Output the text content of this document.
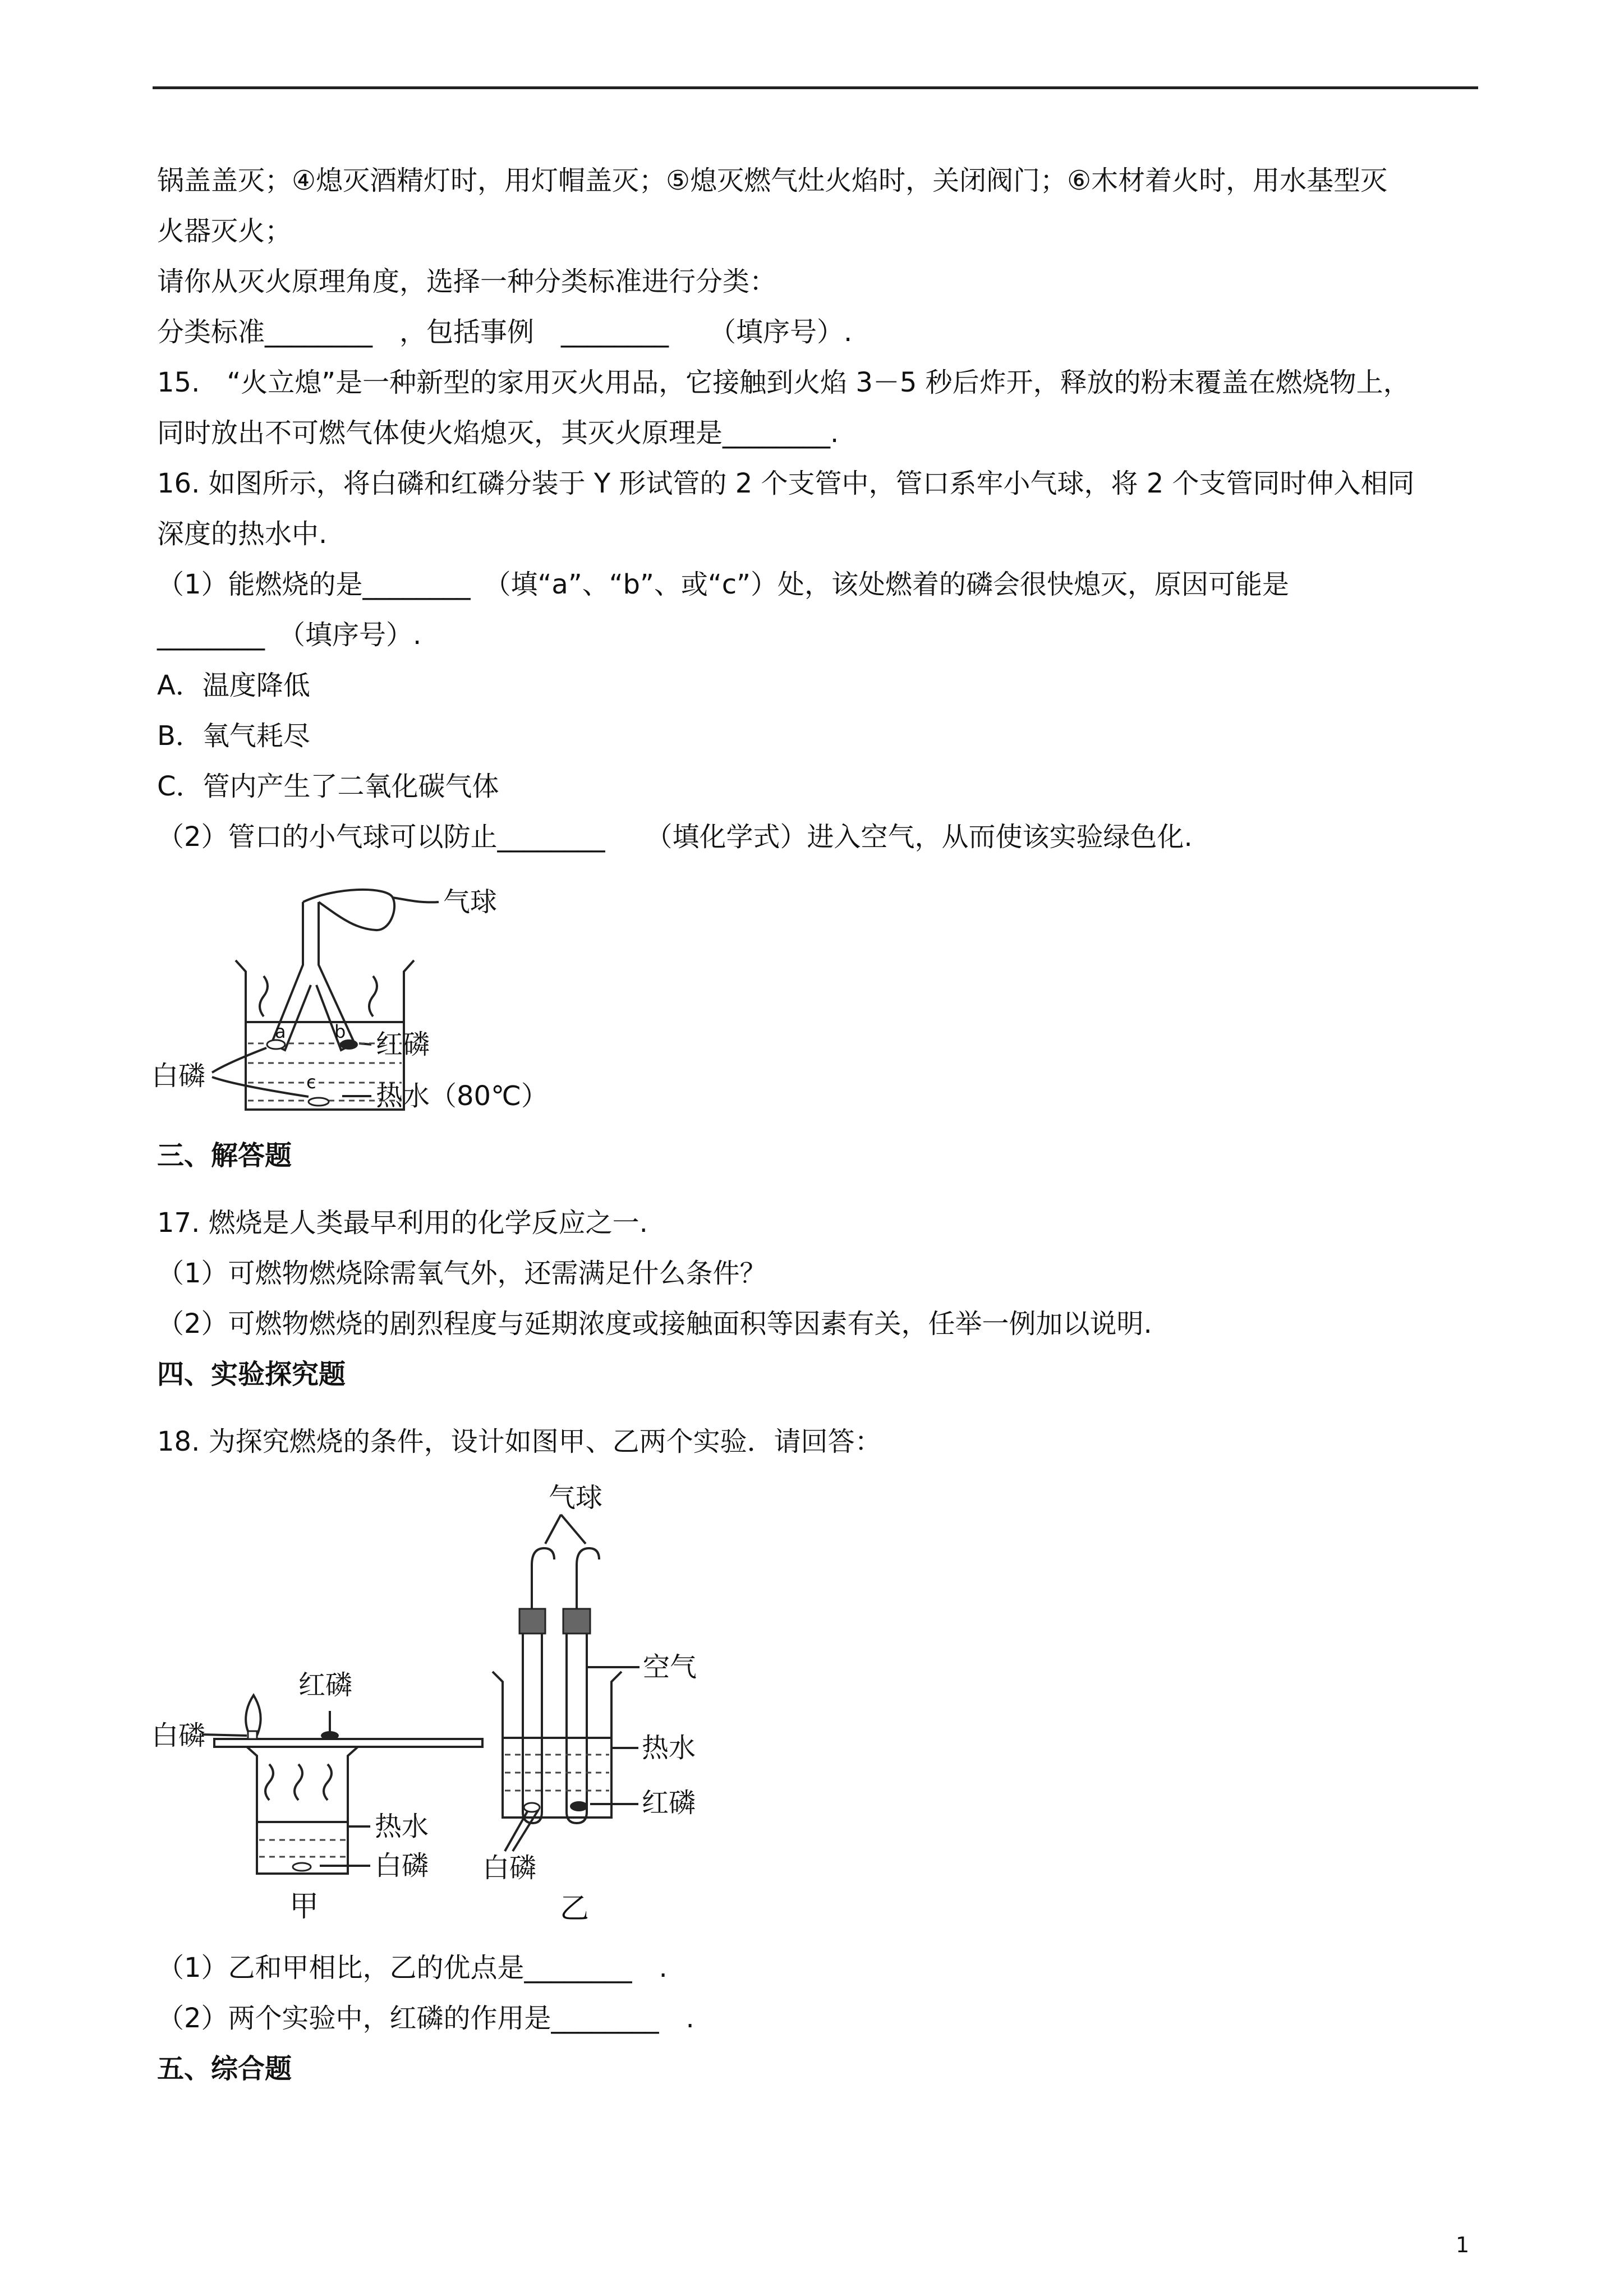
锅盖盖灭；④熄灭酒精灯时，用灯帽盖灭；⑤熄灭燃气灶火焰时，关闭阀门；⑥木材着火时，用水基型灭
火器灭火；
请你从灭火原理角度，选择一种分类标准进行分类：
分类标准________　，包括事例　________　　（填序号）.
15.　“火立熄”是一种新型的家用灭火用品，它接触到火焰 3－5 秒后炸开，释放的粉末覆盖在燃烧物上，
同时放出不可燃气体使火焰熄灭，其灭火原理是________.
16. 如图所示，将白磷和红磷分装于 Y 形试管的 2 个支管中，管口系牢小气球，将 2 个支管同时伸入相同
深度的热水中.
（1）能燃烧的是________　（填“a”、“b”、或“c”）处，该处燃着的磷会很快熄灭，原因可能是
________　（填序号）.
A．温度降低
B．氧气耗尽
C．管内产生了二氧化碳气体
（2）管口的小气球可以防止________　　（填化学式）进入空气，从而使该实验绿色化.
a	b
c
气球
红磷
白磷
热水（80℃）
三、解答题
17. 燃烧是人类最早利用的化学反应之一.
（1）可燃物燃烧除需氧气外，还需满足什么条件？
（2）可燃物燃烧的剧烈程度与延期浓度或接触面积等因素有关，任举一例加以说明.
四、实验探究题
18. 为探究燃烧的条件，设计如图甲、乙两个实验．请回答：
红磷
白磷
热水
白磷
甲
气球
空气
热水
红磷
白磷
乙
（1）乙和甲相比，乙的优点是________　.
（2）两个实验中，红磷的作用是________　.
五、综合题
1
